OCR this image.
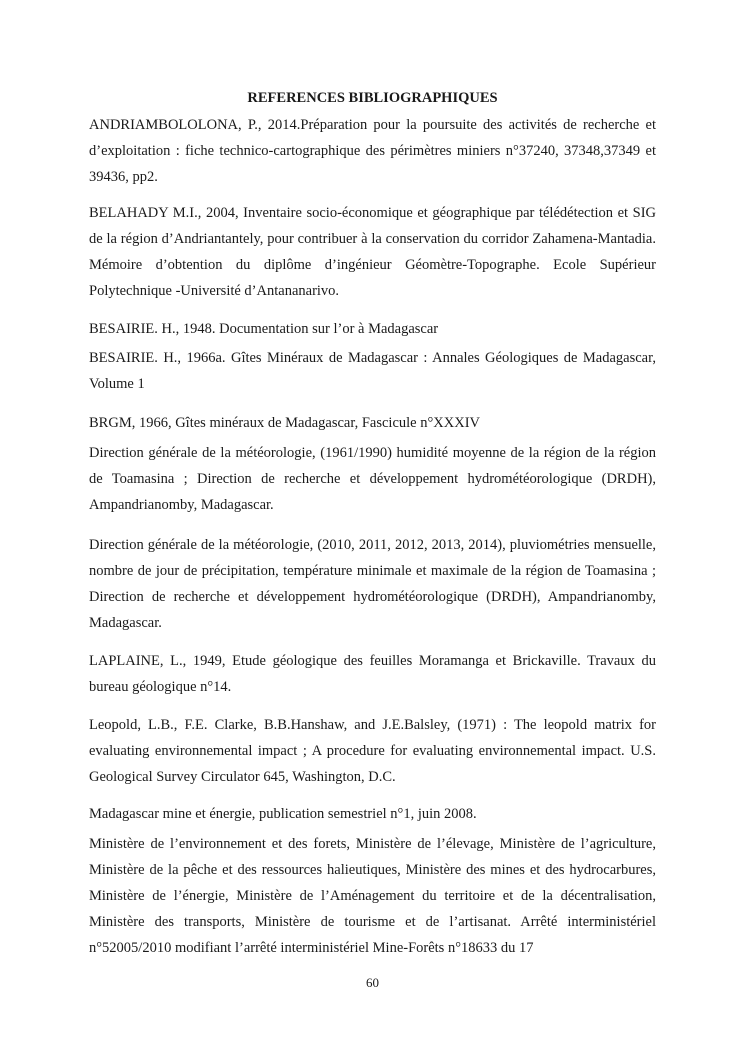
REFERENCES BIBLIOGRAPHIQUES

ANDRIAMBOLOLONA, P., 2014.Préparation pour la poursuite des activités de recherche et d’exploitation : fiche technico-cartographique des périmètres miniers n°37240, 37348,37349 et 39436, pp2.

BELAHADY M.I., 2004, Inventaire socio-économique et géographique par télédétection et SIG de la région d’Andriantantely, pour contribuer à la conservation du corridor Zahamena-Mantadia. Mémoire d’obtention du diplôme d’ingénieur Géomètre-Topographe. Ecole Supérieur Polytechnique -Université d’Antananarivo.

BESAIRIE. H., 1948. Documentation sur l’or à Madagascar

BESAIRIE. H., 1966a. Gîtes Minéraux de Madagascar : Annales Géologiques de Madagascar, Volume 1

BRGM, 1966, Gîtes minéraux de Madagascar, Fascicule n°XXXIV

Direction générale de la météorologie, (1961/1990) humidité moyenne de la région de la région de Toamasina ; Direction de recherche et développement hydrométéorologique (DRDH), Ampandrianomby, Madagascar.

Direction générale de la météorologie, (2010, 2011, 2012, 2013, 2014), pluviométries mensuelle, nombre de jour de précipitation, température minimale et maximale de la région de Toamasina ; Direction de recherche et développement hydrométéorologique (DRDH), Ampandrianomby, Madagascar.

LAPLAINE, L., 1949, Etude géologique des feuilles Moramanga et Brickaville. Travaux du bureau géologique n°14.

Leopold, L.B., F.E. Clarke, B.B.Hanshaw, and J.E.Balsley, (1971) : The leopold matrix for evaluating environnemental impact ; A procedure for evaluating environnemental impact. U.S. Geological Survey Circulator 645, Washington, D.C.

Madagascar mine et énergie, publication semestriel n°1, juin 2008.

Ministère de l’environnement et des forets, Ministère de l’élevage, Ministère de l’agriculture, Ministère de la pêche et des ressources halieutiques, Ministère des mines et des hydrocarbures, Ministère de l’énergie, Ministère de l’Aménagement du territoire et de la décentralisation, Ministère des transports, Ministère de tourisme et de l’artisanat. Arrêté interministériel n°52005/2010 modifiant l’arrêté interministériel Mine-Forêts n°18633 du 17

60
